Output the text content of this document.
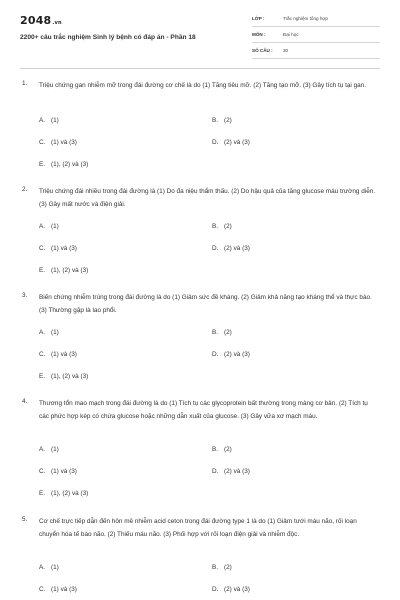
2048.vn
2200+ câu trắc nghiệm Sinh lý bệnh có đáp án - Phần 18
LỚP :	Trắc nghiệm tổng hợp
MÔN :	Đại học
SỐ CÂU : 30
1. Triệu chứng gan nhiễm mỡ trong đái đường cơ chế là do (1) Tăng tiêu mỡ. (2) Tăng tạo mỡ. (3) Gây tích tụ tại gan.
A. (1)	B. (2)
C. (1) và (3)	D. (2) và (3)
E. (1), (2) và (3)
2. Triệu chứng đái nhiều trong đái đường là (1) Do đa niệu thẩm thấu. (2) Do hậu quả của tăng glucose máu trường diễn. (3) Gây mất nước và điện giải.
A. (1)	B. (2)
C. (1) và (3)	D. (2) và (3)
E. (1), (2) và (3)
3. Biến chứng nhiễm trùng trong đái đường là do (1) Giảm sức đề kháng. (2) Giảm khả năng tạo kháng thể và thực bào. (3) Thường gặp là lao phổi.
A. (1)	B. (2)
C. (1) và (3)	D. (2) và (3)
E. (1), (2) và (3)
4. Thương tổn mao mạch trong đái đường là do (1) Tích tụ các glycoprotein bất thường trong màng cơ bản. (2) Tích tụ các phức hợp kép có chứa glucose hoặc những dẫn xuất của glucose. (3) Gây vữa xơ mạch máu.
A. (1)	B. (2)
C. (1) và (3)	D. (2) và (3)
E. (1), (2) và (3)
5. Cơ chế trực tiếp dẫn đến hôn mê nhiễm acid ceton trong đái đường type 1 là do (1) Giảm tưới máu não, rối loạn chuyển hóa tế bào não. (2) Thiếu máu não. (3) Phối hợp với rối loạn điện giải và nhiễm độc.
A. (1)	B. (2)
C. (1) và (3)	D. (2) và (3)
